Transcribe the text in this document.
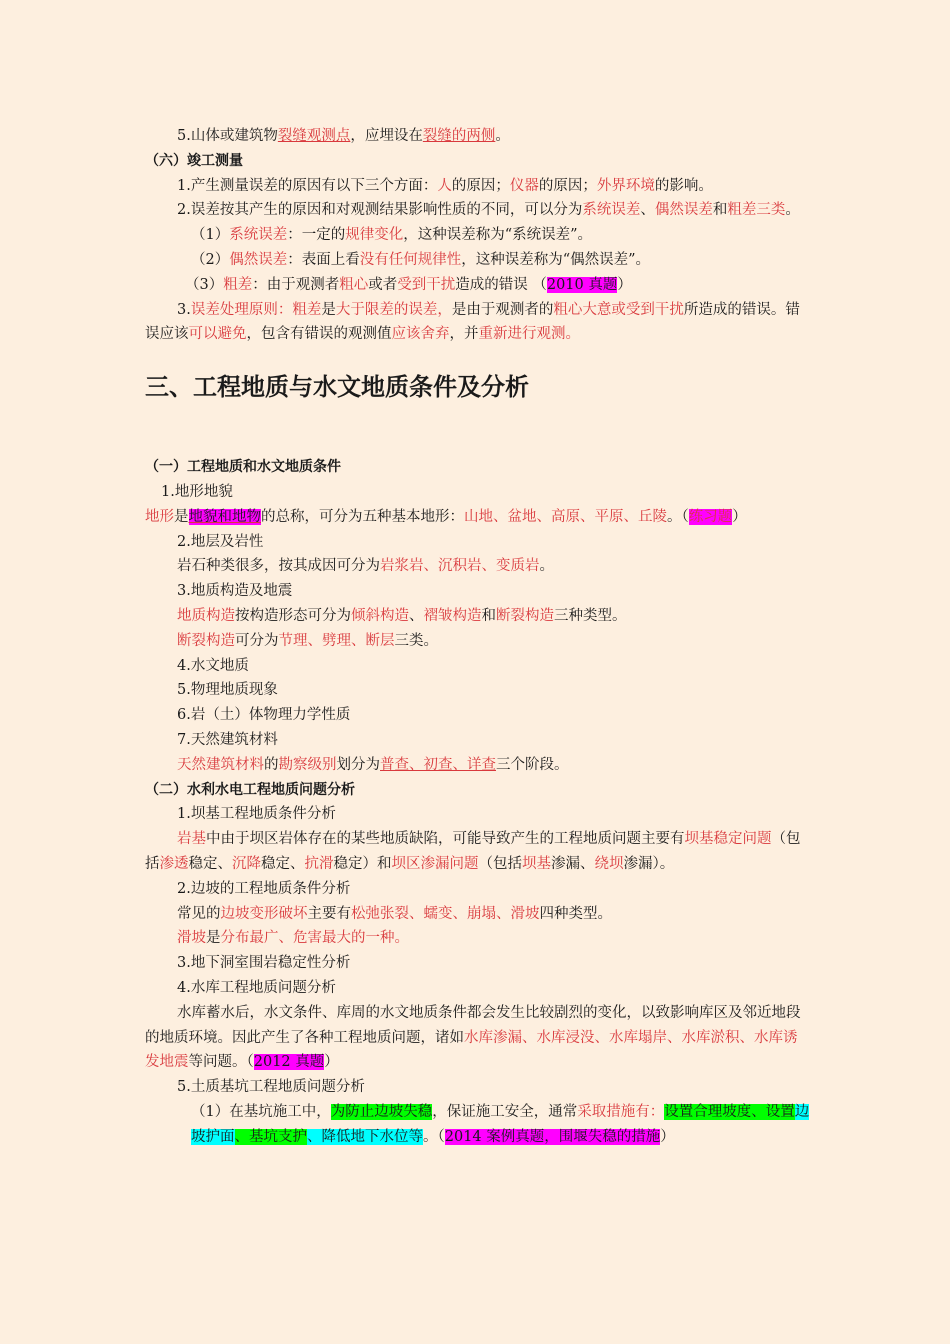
5.山体或建筑物裂缝观测点，应埋设在裂缝的两侧。

（六）竣工测量

1.产生测量误差的原因有以下三个方面：人的原因；仪器的原因；外界环境的影响。

2.误差按其产生的原因和对观测结果影响性质的不同，可以分为系统误差、偶然误差和粗差三类。

（1）系统误差：一定的规律变化，这种误差称为“系统误差”。

（2）偶然误差：表面上看没有任何规律性，这种误差称为“偶然误差”。

（3）粗差：由于观测者粗心或者受到干扰造成的错误 （2010 真题）

3.误差处理原则：粗差是大于限差的误差，是由于观测者的粗心大意或受到干扰所造成的错误。错误应该可以避免，包含有错误的观测值应该舍弃，并重新进行观测。

三、工程地质与水文地质条件及分析

（一）工程地质和水文地质条件

1.地形地貌

地形是地貌和地物的总称，可分为五种基本地形：山地、盆地、高原、平原、丘陵。（练习题）

2.地层及岩性

岩石种类很多，按其成因可分为岩浆岩、沉积岩、变质岩。

3.地质构造及地震

地质构造按构造形态可分为倾斜构造、褶皱构造和断裂构造三种类型。

断裂构造可分为节理、劈理、断层三类。

4.水文地质

5.物理地质现象

6.岩（土）体物理力学性质

7.天然建筑材料

天然建筑材料的勘察级别划分为普查、初查、详查三个阶段。

（二）水利水电工程地质问题分析

1.坝基工程地质条件分析

岩基中由于坝区岩体存在的某些地质缺陷，可能导致产生的工程地质问题主要有坝基稳定问题（包括渗透稳定、沉降稳定、抗滑稳定）和坝区渗漏问题（包括坝基渗漏、绕坝渗漏）。

2.边坡的工程地质条件分析

常见的边坡变形破坏主要有松弛张裂、蠕变、崩塌、滑坡四种类型。

滑坡是分布最广、危害最大的一种。

3.地下洞室围岩稳定性分析

4.水库工程地质问题分析

水库蓄水后，水文条件、库周的水文地质条件都会发生比较剧烈的变化，以致影响库区及邻近地段的地质环境。因此产生了各种工程地质问题，诸如水库渗漏、水库浸没、水库塌岸、水库淤积、水库诱发地震等问题。（2012 真题）

5.土质基坑工程地质问题分析

（1）在基坑施工中，为防止边坡失稳，保证施工安全，通常采取措施有：设置合理坡度、设置边坡护面、基坑支护、降低地下水位等。（2014 案例真题，围堰失稳的措施）
